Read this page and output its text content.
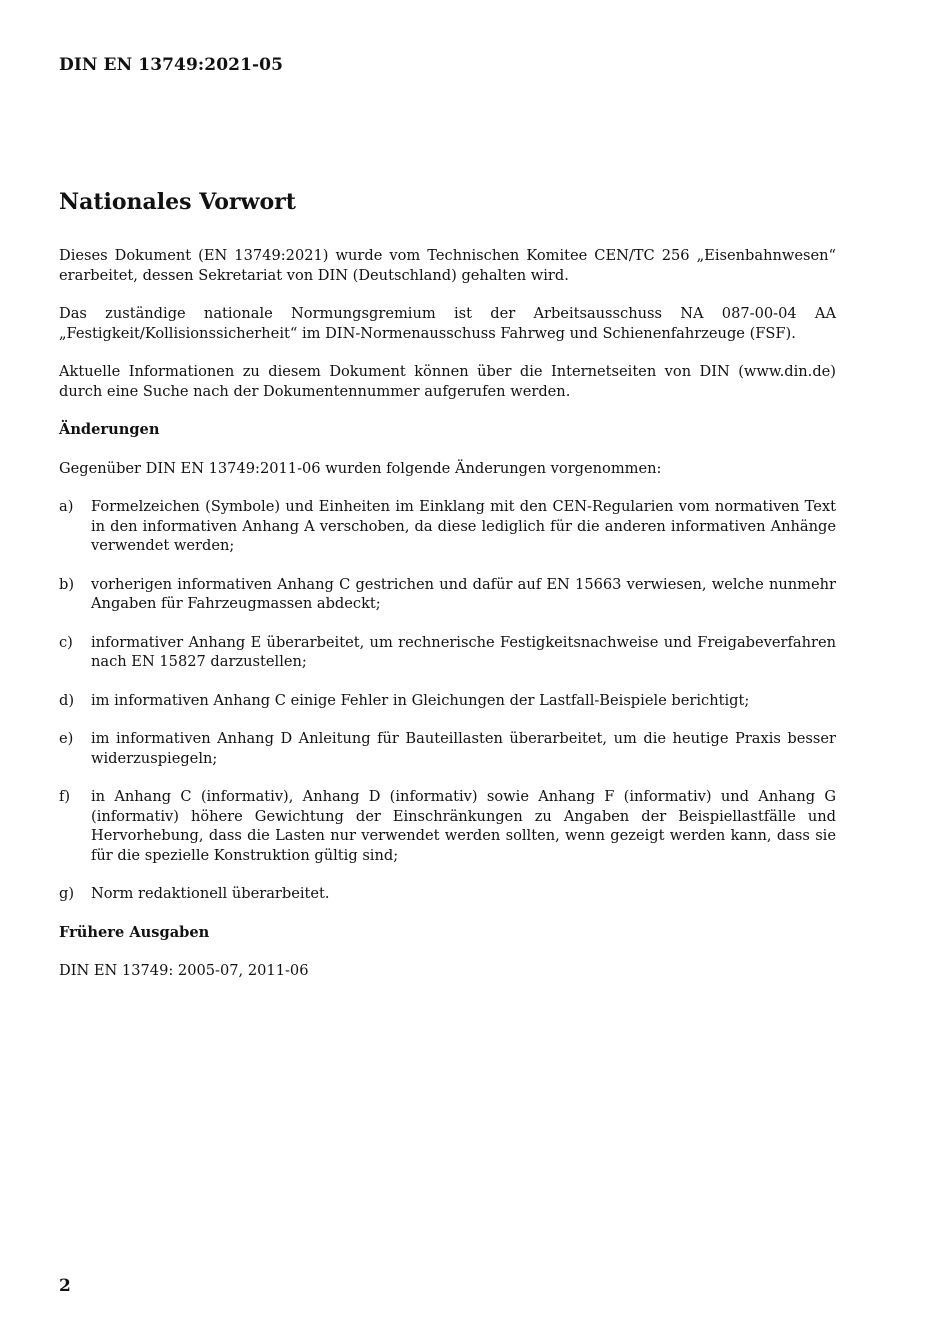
DIN EN 13749:2021-05
Nationales Vorwort

Dieses Dokument (EN 13749:2021) wurde vom Technischen Komitee CEN/TC 256 „Eisenbahnwesen“ erarbeitet, dessen Sekretariat von DIN (Deutschland) gehalten wird.

Das zuständige nationale Normungsgremium ist der Arbeitsausschuss NA 087-00-04 AA „Festigkeit/Kollisionssicherheit“ im DIN-Normenausschuss Fahrweg und Schienenfahrzeuge (FSF).

Aktuelle Informationen zu diesem Dokument können über die Internetseiten von DIN (www.din.de) durch eine Suche nach der Dokumentennummer aufgerufen werden.

Änderungen

Gegenüber DIN EN 13749:2011-06 wurden folgende Änderungen vorgenommen:

a)	Formelzeichen (Symbole) und Einheiten im Einklang mit den CEN-Regularien vom normativen Text in den informativen Anhang A verschoben, da diese lediglich für die anderen informativen Anhänge verwendet werden;
b)	vorherigen informativen Anhang C gestrichen und dafür auf EN 15663 verwiesen, welche nunmehr Angaben für Fahrzeugmassen abdeckt;
c)	informativer Anhang E überarbeitet, um rechnerische Festigkeitsnachweise und Freigabeverfahren nach EN 15827 darzustellen;
d)	im informativen Anhang C einige Fehler in Gleichungen der Lastfall-Beispiele berichtigt;
e)	im informativen Anhang D Anleitung für Bauteillasten überarbeitet, um die heutige Praxis besser widerzuspiegeln;
f)	in Anhang C (informativ), Anhang D (informativ) sowie Anhang F (informativ) und Anhang G (informativ) höhere Gewichtung der Einschränkungen zu Angaben der Beispiellastfälle und Hervorhebung, dass die Lasten nur verwendet werden sollten, wenn gezeigt werden kann, dass sie für die spezielle Konstruktion gültig sind;
g)	Norm redaktionell überarbeitet.
Frühere Ausgaben

DIN EN 13749: 2005-07, 2011-06

2
